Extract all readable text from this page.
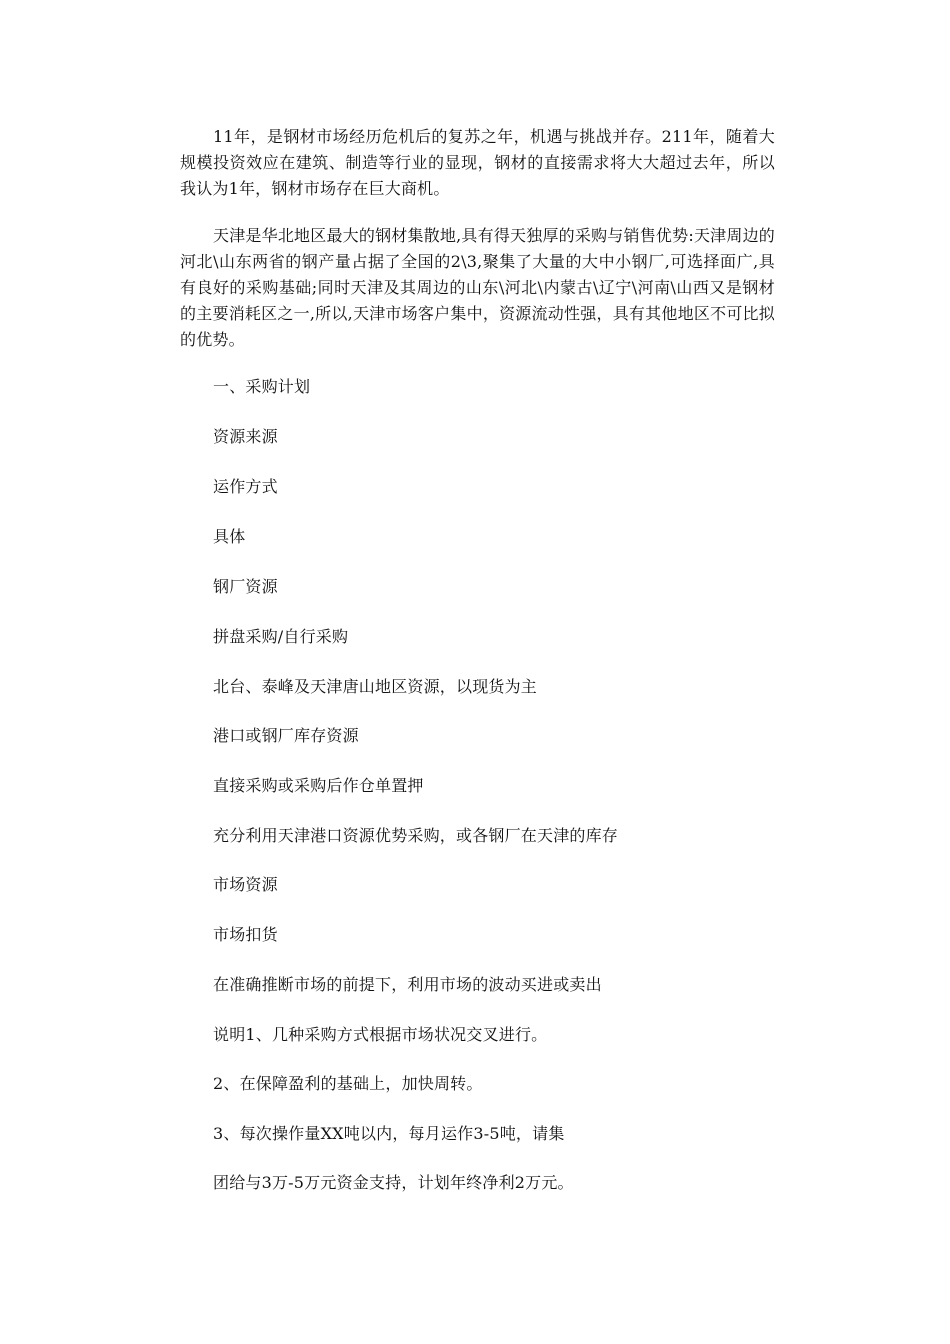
11年，是钢材市场经历危机后的复苏之年，机遇与挑战并存。211年，随着大规模投资效应在建筑、制造等行业的显现，钢材的直接需求将大大超过去年，所以我认为1年，钢材市场存在巨大商机。

天津是华北地区最大的钢材集散地,具有得天独厚的采购与销售优势:天津周边的河北\山东两省的钢产量占据了全国的2\3,聚集了大量的大中小钢厂,可选择面广,具有良好的采购基础;同时天津及其周边的山东\河北\内蒙古\辽宁\河南\山西又是钢材的主要消耗区之一,所以,天津市场客户集中，资源流动性强，具有其他地区不可比拟的优势。

一、采购计划

资源来源

运作方式

具体

钢厂资源

拼盘采购/自行采购

北台、泰峰及天津唐山地区资源，以现货为主

港口或钢厂库存资源

直接采购或采购后作仓单置押

充分利用天津港口资源优势采购，或各钢厂在天津的库存

市场资源

市场扣货

在准确推断市场的前提下，利用市场的波动买进或卖出

说明1、几种采购方式根据市场状况交叉进行。

2、在保障盈利的基础上，加快周转。

3、每次操作量XX吨以内，每月运作3-5吨，请集

团给与3万-5万元资金支持，计划年终净利2万元。
